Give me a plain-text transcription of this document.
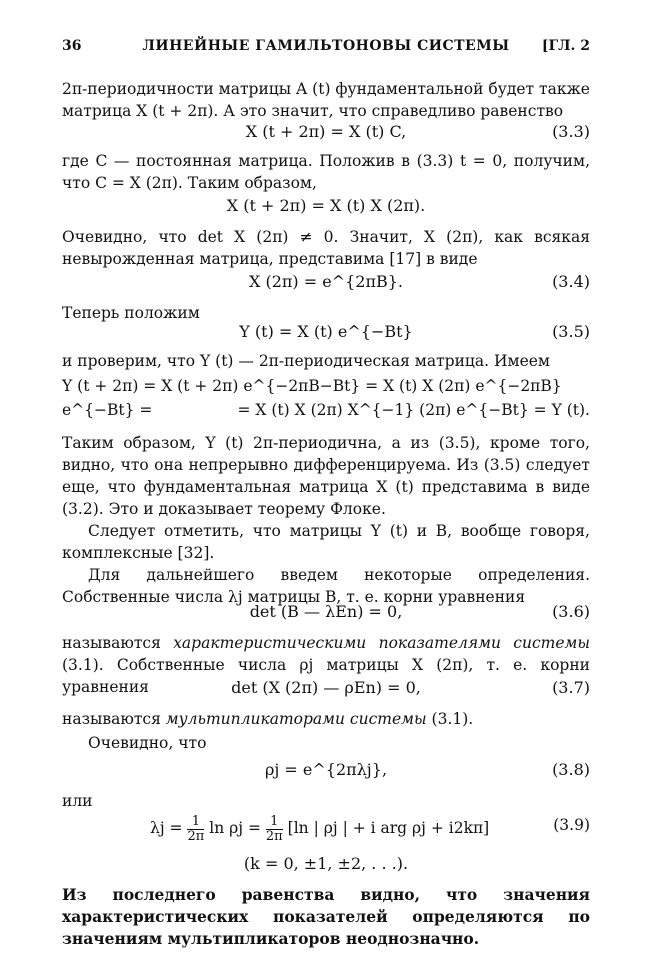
36	ЛИНЕЙНЫЕ ГАМИЛЬТОНОВЫ СИСТЕМЫ	[ГЛ. 2
2π-периодичности матрицы A (t) фундаментальной будет также матрица X (t + 2π). А это значит, что справедливо равенство
X (t + 2π) = X (t) C,	(3.3)
где C — постоянная матрица. Положив в (3.3) t = 0, получим, что C = X (2π). Таким образом,
X (t + 2π) = X (t) X (2π).
Очевидно, что det X (2π) ≠ 0. Значит, X (2π), как всякая невырожденная матрица, представима [17] в виде
X (2π) = e^{2πB}.	(3.4)
Теперь положим
Y (t) = X (t) e^{−Bt}	(3.5)
и проверим, что Y (t) — 2π-периодическая матрица. Имеем
Y (t + 2π) = X (t + 2π) e^{−2πB−Bt} = X (t) X (2π) e^{−2πB} e^{−Bt} =	= X (t) X (2π) X^{−1} (2π) e^{−Bt} = Y (t).
Таким образом, Y (t) 2π-периодична, а из (3.5), кроме того, видно, что она непрерывно дифференцируема. Из (3.5) следует еще, что фундаментальная матрица X (t) представима в виде (3.2). Это и доказывает теорему Флоке.
Следует отметить, что матрицы Y (t) и B, вообще говоря, комплексные [32].
Для дальнейшего введем некоторые определения. Собственные числа λj матрицы B, т. е. корни уравнения
det (B — λEn) = 0,	(3.6)
называются характеристическими показателями системы (3.1). Собственные числа ρj матрицы X (2π), т. е. корни уравнения	det (X (2π) — ρEn) = 0,	(3.7)
называются мультипликаторами системы (3.1).
Очевидно, что
ρj = e^{2πλj},	(3.8)
или
$\lambda j = \frac{1}{2\pi}$ $\ln \rho j = \frac{1}{2\pi} [\ln$ | ρj | + i arg ρj + i2kπ]	(3.9)
(k = 0, ±1, ±2, . . .).
Из последнего равенства видно, что значения характеристических показателей определяются по значениям мультипликаторов неоднозначно.
